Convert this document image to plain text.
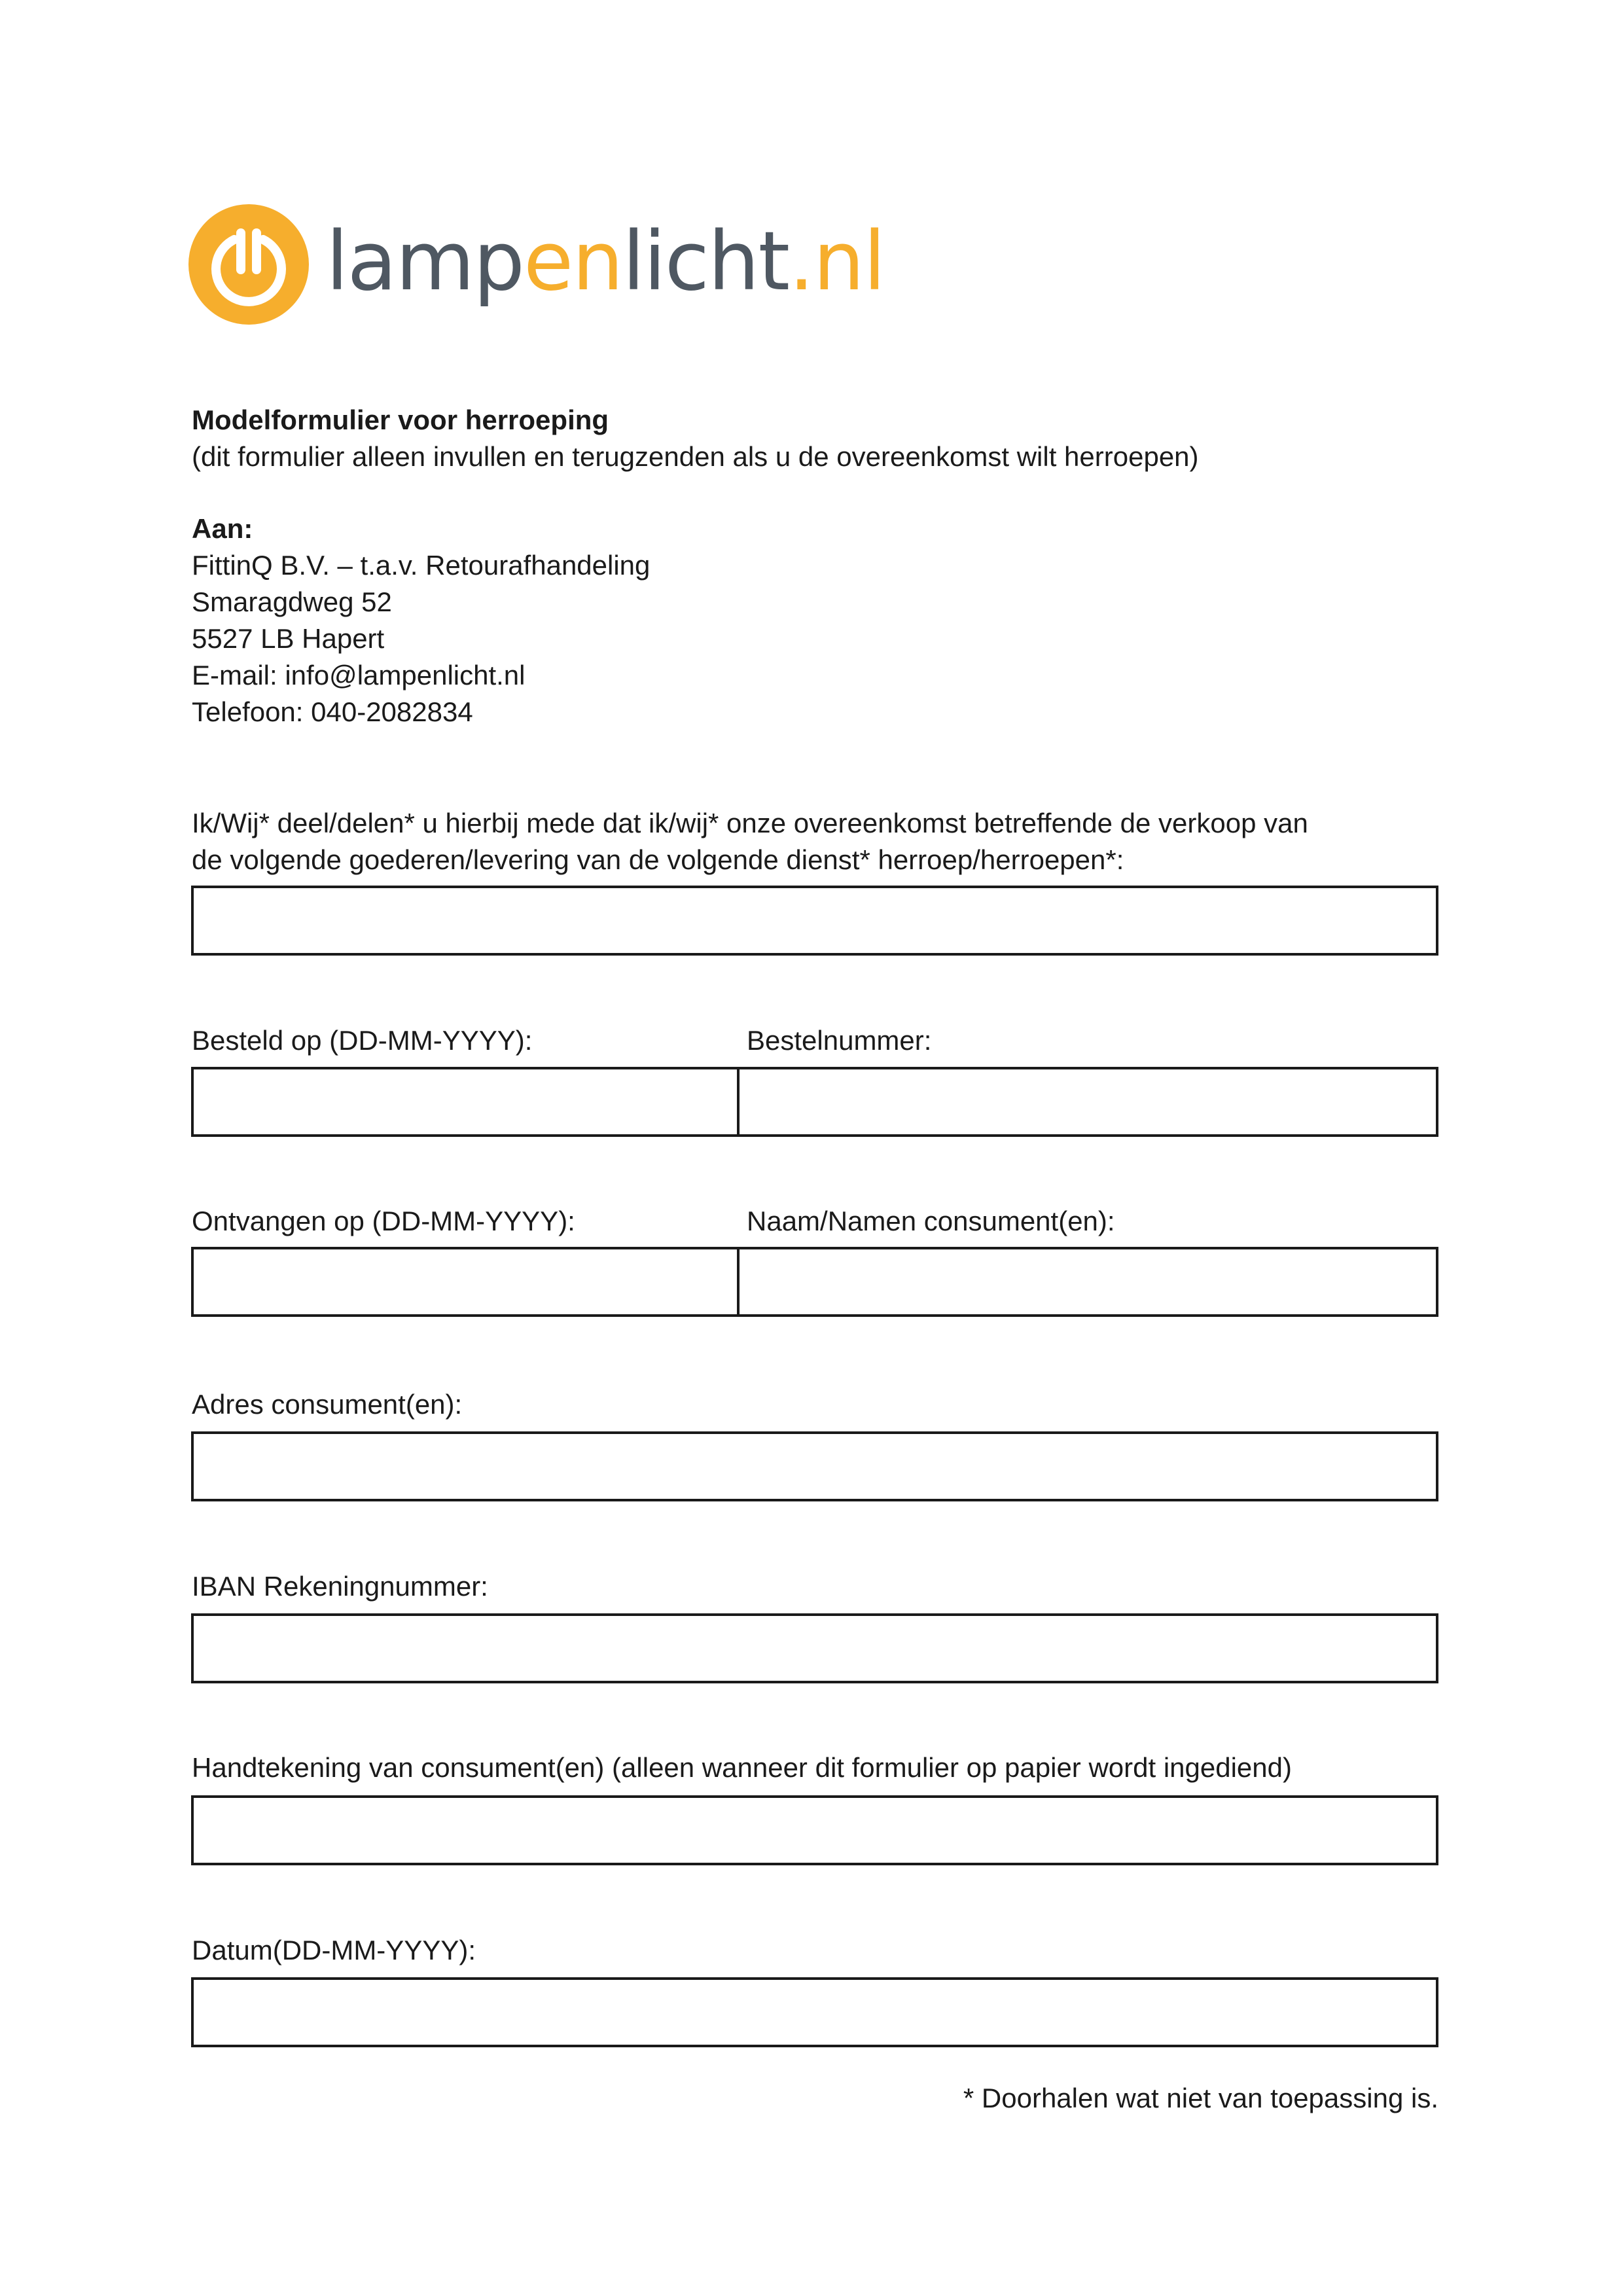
lampenlicht.nl
Modelformulier voor herroeping
(dit formulier alleen invullen en terugzenden als u de overeenkomst wilt herroepen)
Aan:
FittinQ B.V. – t.a.v. Retourafhandeling
Smaragdweg 52
5527 LB Hapert
E-mail: info@lampenlicht.nl
Telefoon: 040-2082834
Ik/Wij* deel/delen* u hierbij mede dat ik/wij* onze overeenkomst betreffende de verkoop van
de volgende goederen/levering van de volgende dienst* herroep/herroepen*:
Besteld op (DD-MM-YYYY):	Bestelnummer:
Ontvangen op (DD-MM-YYYY):	Naam/Namen consument(en):
Adres consument(en):
IBAN Rekeningnummer:
Handtekening van consument(en) (alleen wanneer dit formulier op papier wordt ingediend)
Datum(DD-MM-YYYY):
* Doorhalen wat niet van toepassing is.
